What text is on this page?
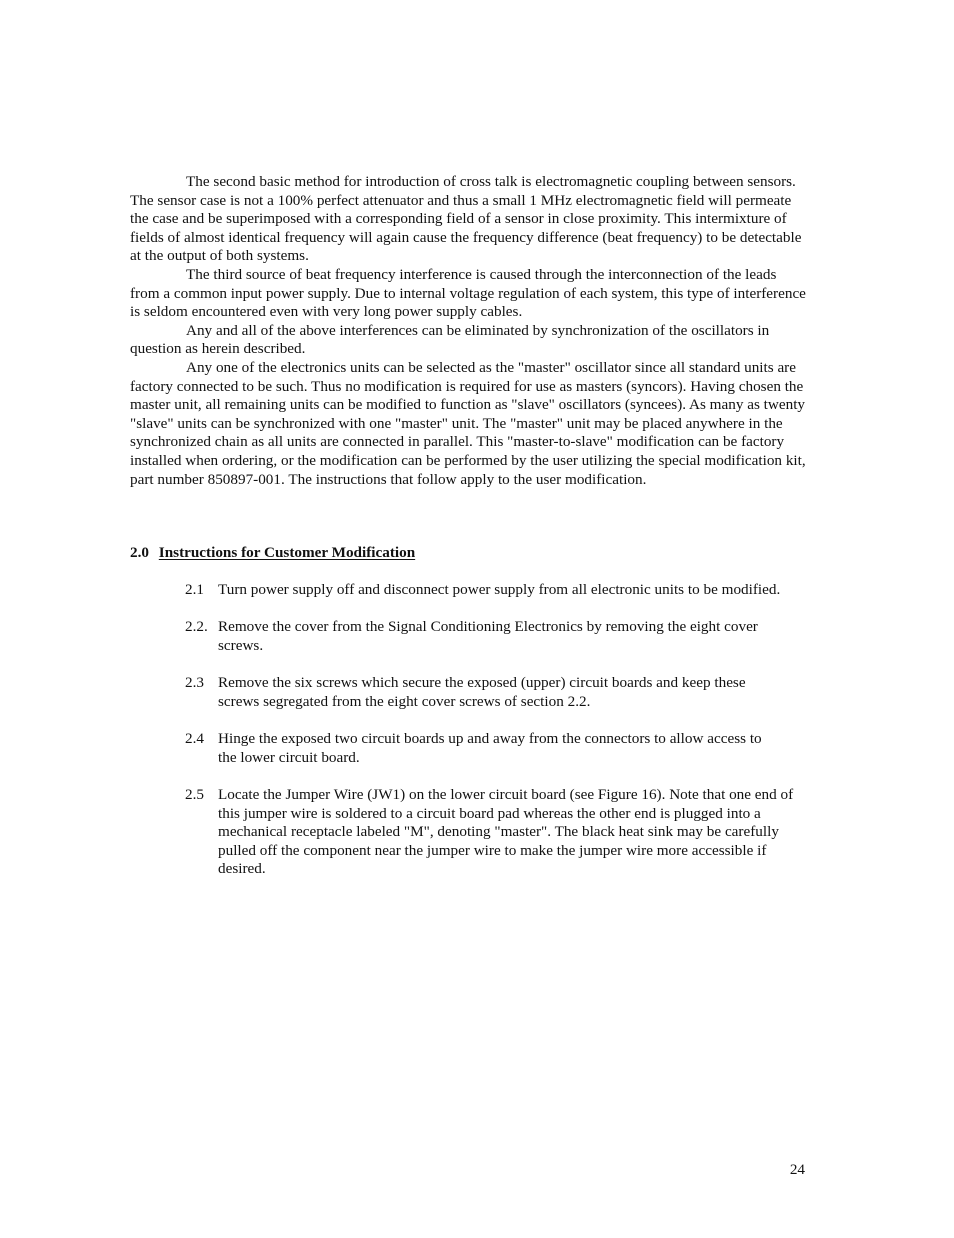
The second basic method for introduction of cross talk is electromagnetic coupling between sensors. The sensor case is not a 100% perfect attenuator and thus a small 1 MHz electromagnetic field will permeate the case and be superimposed with a corresponding field of a sensor in close proximity. This intermixture of fields of almost identical frequency will again cause the frequency difference (beat frequency) to be detectable at the output of both systems.

The third source of beat frequency interference is caused through the interconnection of the leads from a common input power supply. Due to internal voltage regulation of each system, this type of interference is seldom encountered even with very long power supply cables.

Any and all of the above interferences can be eliminated by synchronization of the oscillators in question as herein described.

Any one of the electronics units can be selected as the "master" oscillator since all standard units are factory connected to be such. Thus no modification is required for use as masters (syncors). Having chosen the master unit, all remaining units can be modified to function as "slave" oscillators (syncees). As many as twenty "slave" units can be synchronized with one "master" unit. The "master" unit may be placed anywhere in the synchronized chain as all units are connected in parallel. This "master-to-slave" modification can be factory installed when ordering, or the modification can be performed by the user utilizing the special modification kit, part number 850897-001. The instructions that follow apply to the user modification.

2.0 Instructions for Customer Modification
2.1 Turn power supply off and disconnect power supply from all electronic units to be modified.
2.2. Remove the cover from the Signal Conditioning Electronics by removing the eight cover screws.
2.3 Remove the six screws which secure the exposed (upper) circuit boards and keep these screws segregated from the eight cover screws of section 2.2.
2.4 Hinge the exposed two circuit boards up and away from the connectors to allow access to the lower circuit board.
2.5 Locate the Jumper Wire (JW1) on the lower circuit board (see Figure 16). Note that one end of this jumper wire is soldered to a circuit board pad whereas the other end is plugged into a mechanical receptacle labeled "M", denoting "master". The black heat sink may be carefully pulled off the component near the jumper wire to make the jumper wire more accessible if desired.
24
